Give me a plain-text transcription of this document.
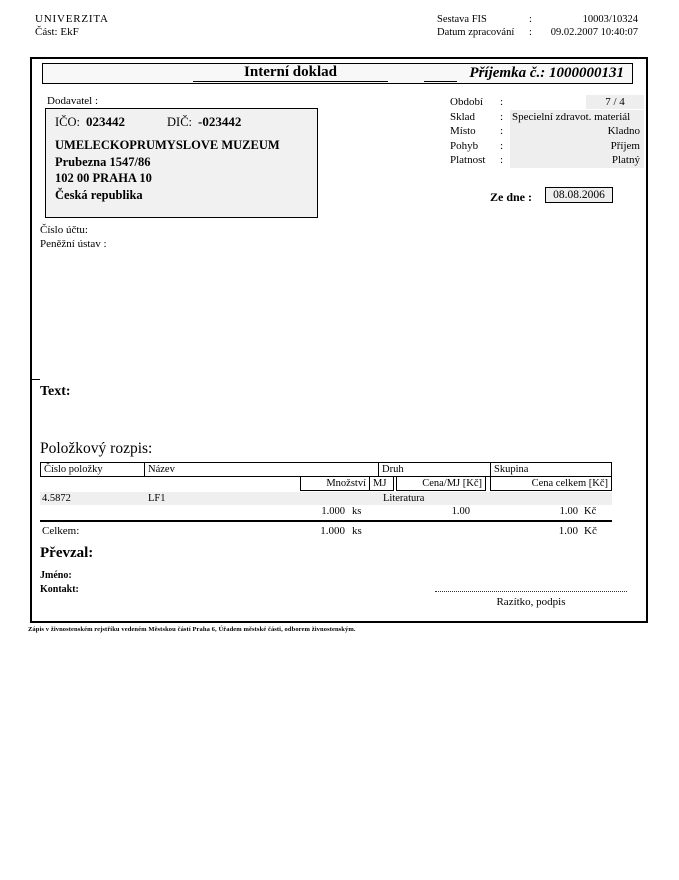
UNIVERZITA
Část: EkF
Sestava FIS	:	10003/10324
Datum zpracování	:	09.02.2007 10:40:07
Interní doklad	Příjemka č.: 1000000131
Dodavatel :
IČO: 023442	DIČ: -023442
UMELECKOPRUMYSLOVE MUZEUM
Prubezna 1547/86
102 00 PRAHA 10
Česká republika
Období	:	7 / 4
Sklad	: Specielní zdravot. materiál
Místo	:	Kladno
Pohyb	:	Příjem
Platnost	:	Platný
Ze dne :	08.08.2006
Číslo účtu:
Peněžní ústav :
Text:
Položkový rozpis:
Číslo položky	Název	Druh	Skupina
Množství MJ	Cena/MJ [Kč]	Cena celkem [Kč]
4.5872	LF1	Literatura
1.000 ks	1.00	1.00 Kč
Celkem:	1.000 ks	1.00 Kč
Převzal:
Jméno:
Kontakt:
Razítko, podpis
Zápis v živnostenském rejstříku vedeném Městskou částí Praha 6, Úřadem městské části, odborem živnostenským.
